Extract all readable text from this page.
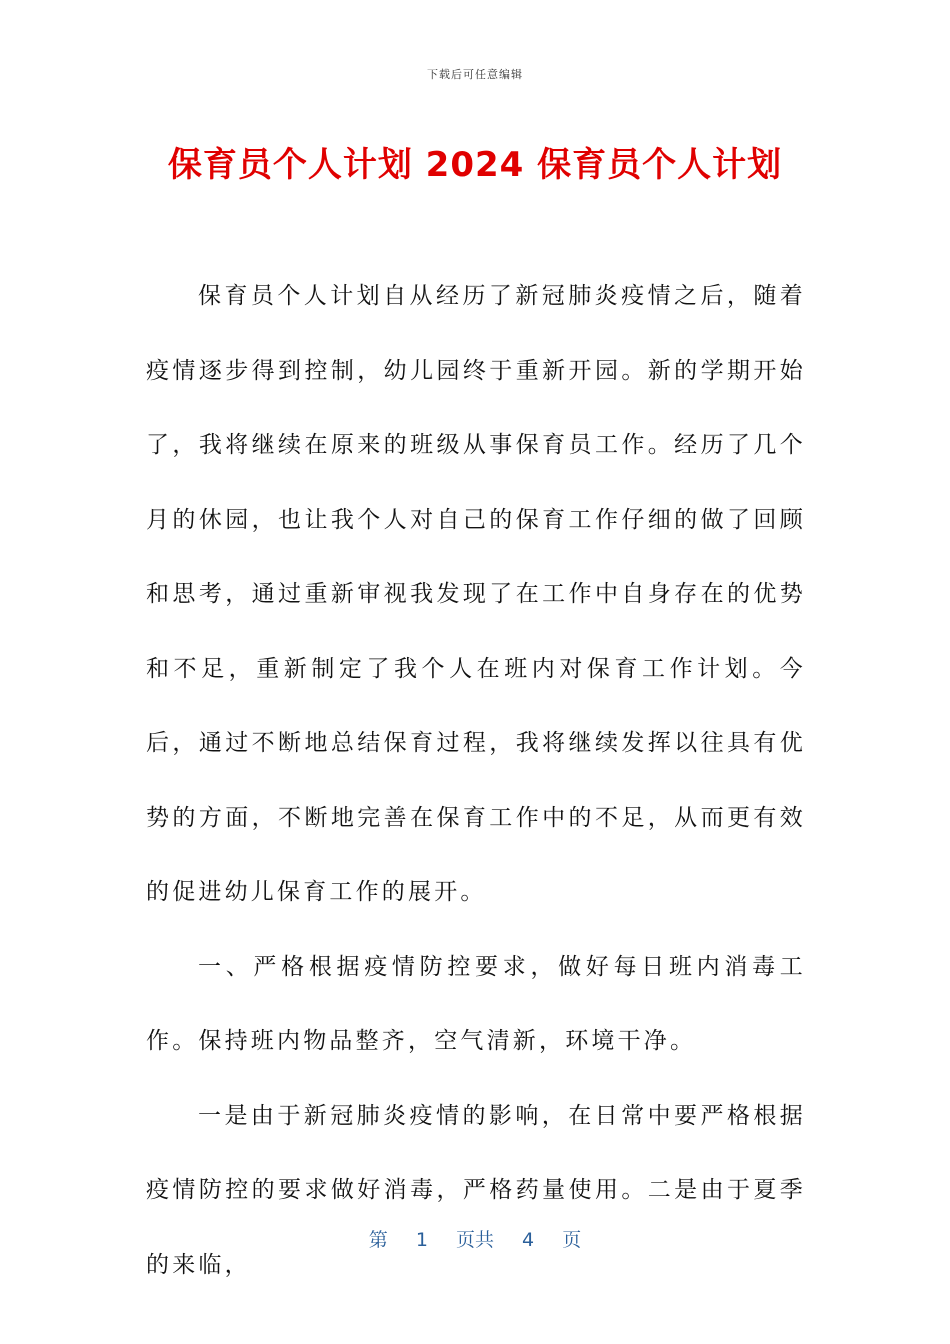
下载后可任意编辑
保育员个人计划 2024 保育员个人计划

保育员个人计划自从经历了新冠肺炎疫情之后，随着疫情逐步得到控制，幼儿园终于重新开园。新的学期开始了，我将继续在原来的班级从事保育员工作。经历了几个月的休园，也让我个人对自己的保育工作仔细的做了回顾和思考，通过重新审视我发现了在工作中自身存在的优势和不足，重新制定了我个人在班内对保育工作计划。今后，通过不断地总结保育过程，我将继续发挥以往具有优势的方面，不断地完善在保育工作中的不足，从而更有效的促进幼儿保育工作的展开。

一、严格根据疫情防控要求，做好每日班内消毒工作。保持班内物品整齐，空气清新，环境干净。

一是由于新冠肺炎疫情的影响，在日常中要严格根据疫情防控的要求做好消毒，严格药量使用。二是由于夏季的来临，

第 1 页共 4 页
